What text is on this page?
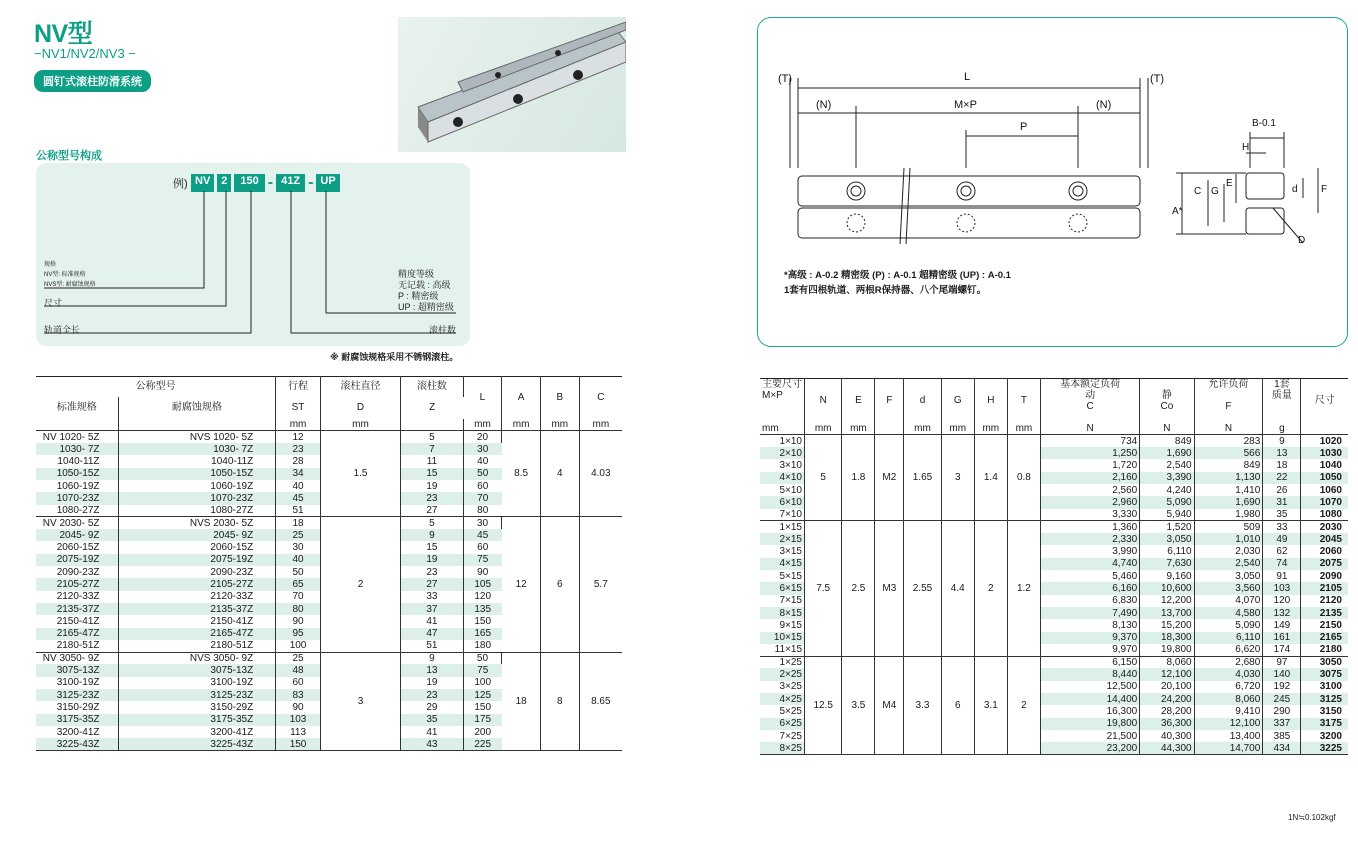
NV型
−NV1/NV2/NV3 −
圆钉式滚柱防滑系统
公称型号构成
例) NV	2	150 - 41Z - UP
规格
NV型: 标准规格
NVS型: 耐腐蚀规格
尺寸
轨道全长
精度等级
无记载 : 高级
P : 精密级
UP : 超精密级
滚柱数
※ 耐腐蚀规格采用不锈钢滚柱。
(T)	(T)
L
(N)	(N)
M×P
P	B-0.1
H
A*
C G
E
d F
D
*高级 : A-0.2 精密级 (P) : A-0.1 超精密级 (UP) : A-0.1
1套有四根轨道、两根R保持器、八个尾端螺钉。
公称型号		行程	滚柱直径	滚柱数	L	A	B	C
标准规格	耐腐蚀规格	ST	D	Z				
		mm	mm		mm	mm	mm	mm
NV 1020- 5Z	NVS 1020- 5Z	12	1.5	5	20	8.5	4	4.03
1030- 7Z	1030- 7Z	23		7	30			
1040-11Z	1040-11Z	28		11	40			
1050-15Z	1050-15Z	34		15	50			
1060-19Z	1060-19Z	40		19	60			
1070-23Z	1070-23Z	45		23	70			
1080-27Z	1080-27Z	51		27	80			
NV 2030- 5Z	NVS 2030- 5Z	18	2	5	30	12	6	5.7
2045- 9Z	2045- 9Z	25		9	45			
2060-15Z	2060-15Z	30		15	60			
2075-19Z	2075-19Z	40		19	75			
2090-23Z	2090-23Z	50		23	90			
2105-27Z	2105-27Z	65		27	105			
2120-33Z	2120-33Z	70		33	120			
2135-37Z	2135-37Z	80		37	135			
2150-41Z	2150-41Z	90		41	150			
2165-47Z	2165-47Z	95		47	165			
2180-51Z	2180-51Z	100		51	180			
NV 3050- 9Z	NVS 3050- 9Z	25	3	9	50	18	8	8.65
3075-13Z	3075-13Z	48		13	75			
3100-19Z	3100-19Z	60		19	100			
3125-23Z	3125-23Z	83		23	125			
3150-29Z	3150-29Z	90		29	150			
3175-35Z	3175-35Z	103		35	175			
3200-41Z	3200-41Z	113		41	200			
3225-43Z	3225-43Z	150		43	225			
主要尺寸
M×P	N	E	F	d	G	H	T	基本额定负荷
动
C	静
Co	允许负荷

F	1套
质量	尺寸
mm	mm	mm		mm	mm	mm	mm	N	N	N	g	
1×10	5	1.8	M2	1.65	3	1.4	0.8	734	849	283	9	1020
2×10								1,250	1,690	566	13	1030
3×10								1,720	2,540	849	18	1040
4×10								2,160	3,390	1,130	22	1050
5×10								2,560	4,240	1,410	26	1060
6×10								2,960	5,090	1,690	31	1070
7×10								3,330	5,940	1,980	35	1080
1×15	7.5	2.5	M3	2.55	4.4	2	1.2	1,360	1,520	509	33	2030
2×15								2,330	3,050	1,010	49	2045
3×15								3,990	6,110	2,030	62	2060
4×15								4,740	7,630	2,540	74	2075
5×15								5,460	9,160	3,050	91	2090
6×15								6,160	10,600	3,560	103	2105
7×15								6,830	12,200	4,070	120	2120
8×15								7,490	13,700	4,580	132	2135
9×15								8,130	15,200	5,090	149	2150
10×15								9,370	18,300	6,110	161	2165
11×15								9,970	19,800	6,620	174	2180
1×25	12.5	3.5	M4	3.3	6	3.1	2	6,150	8,060	2,680	97	3050
2×25								8,440	12,100	4,030	140	3075
3×25								12,500	20,100	6,720	192	3100
4×25								14,400	24,200	8,060	245	3125
5×25								16,300	28,200	9,410	290	3150
6×25								19,800	36,300	12,100	337	3175
7×25								21,500	40,300	13,400	385	3200
8×25								23,200	44,300	14,700	434	3225
1N≒0.102kgf
